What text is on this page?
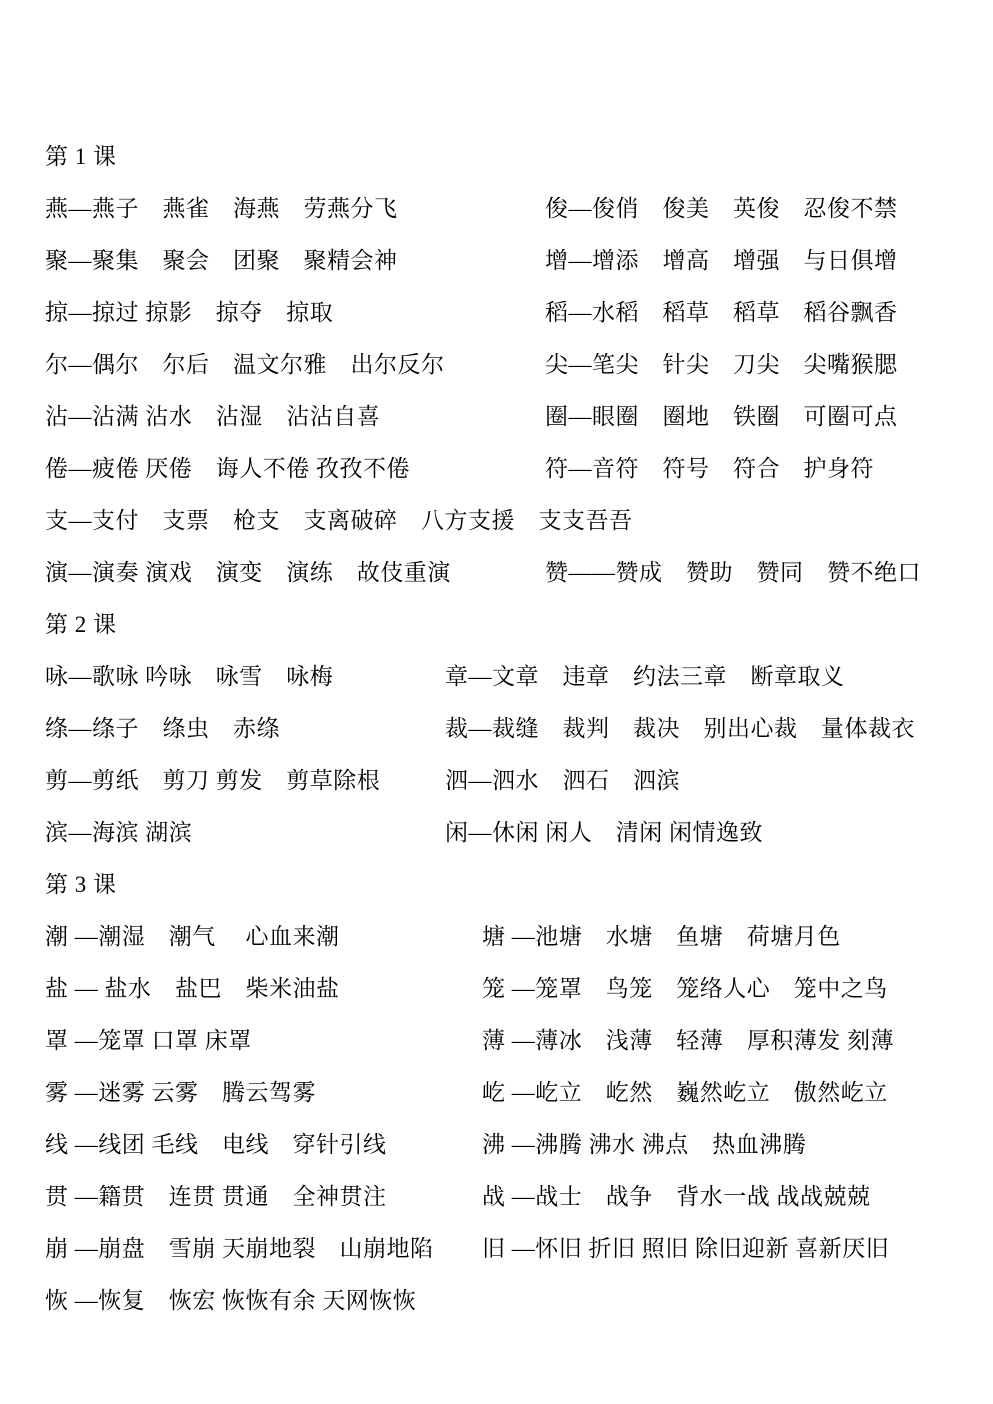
第 1 课
燕—燕子　燕雀　海燕　劳燕分飞	俊—俊俏　俊美　英俊　忍俊不禁
聚—聚集　聚会　团聚　聚精会神	增—增添　增高　增强　与日俱增
掠—掠过 掠影　掠夺　掠取	稻—水稻　稻草　稻草　稻谷飘香
尔—偶尔　尔后　温文尔雅　出尔反尔	尖—笔尖　针尖　刀尖　尖嘴猴腮
沾—沾满 沾水　沾湿　沾沾自喜	圈—眼圈　圈地　铁圈　可圈可点
倦—疲倦 厌倦　诲人不倦 孜孜不倦	符—音符　符号　符合　护身符
支—支付　支票　枪支　支离破碎　八方支援　支支吾吾
演—演奏 演戏　演变　演练　故伎重演	赞——赞成　赞助　赞同　赞不绝口
第 2 课
咏—歌咏 吟咏　咏雪　咏梅	章—文章　违章　约法三章　断章取义
绦—绦子　绦虫　赤绦	裁—裁缝　裁判　裁决　别出心裁　量体裁衣
剪—剪纸　剪刀 剪发　剪草除根	泗—泗水　泗石　泗滨
滨—海滨 湖滨	闲—休闲 闲人　清闲 闲情逸致
第 3 课
潮 —潮湿　潮气　 心血来潮	塘 —池塘　水塘　鱼塘　荷塘月色
盐 — 盐水　盐巴　柴米油盐	笼 —笼罩　鸟笼　笼络人心　笼中之鸟
罩 —笼罩 口罩 床罩	薄 —薄冰　浅薄　轻薄　厚积薄发 刻薄
雾 —迷雾 云雾　腾云驾雾	屹 —屹立　屹然　巍然屹立　傲然屹立
线 —线团 毛线　电线　穿针引线	沸 —沸腾 沸水 沸点　热血沸腾
贯 —籍贯　连贯 贯通　全神贯注	战 —战士　战争　背水一战 战战兢兢
崩 —崩盘　雪崩 天崩地裂　山崩地陷	旧 —怀旧 折旧 照旧 除旧迎新 喜新厌旧
恢 —恢复　恢宏 恢恢有余 天网恢恢
